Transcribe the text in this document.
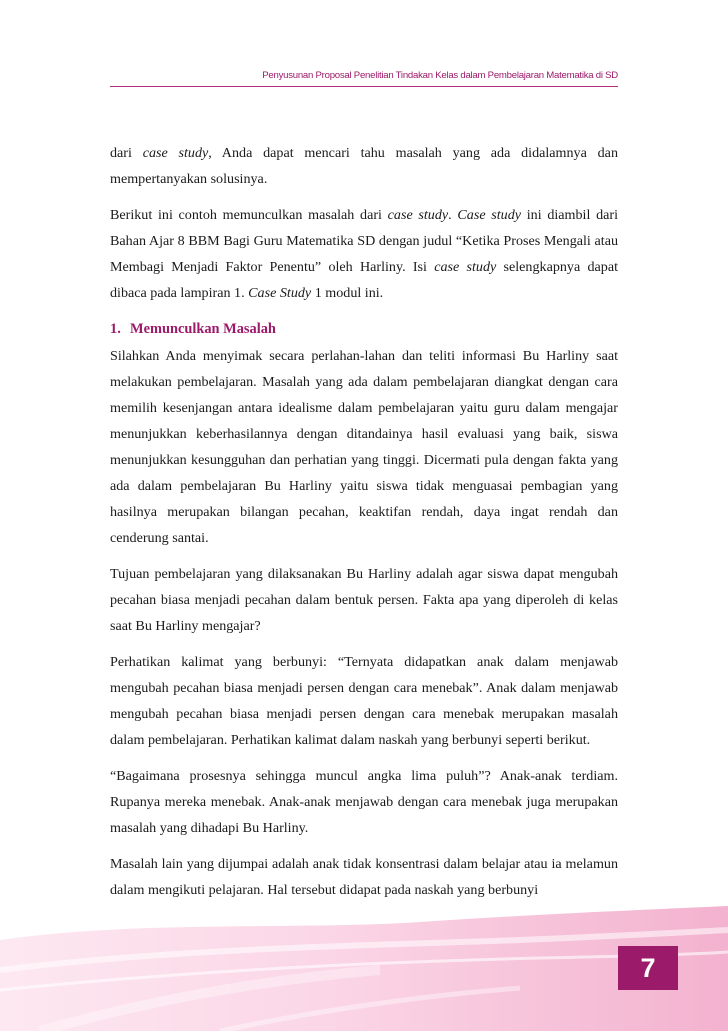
Penyusunan Proposal Penelitian Tindakan Kelas dalam Pembelajaran Matematika di SD

dari case study, Anda dapat mencari tahu masalah yang ada didalamnya dan mempertanyakan solusinya.

Berikut ini contoh memunculkan masalah dari case study. Case study ini diambil dari Bahan Ajar 8 BBM Bagi Guru Matematika SD dengan judul “Ketika Proses Mengali atau Membagi Menjadi Faktor Penentu” oleh Harliny. Isi case study selengkapnya dapat dibaca pada lampiran 1. Case Study 1 modul ini.

1. Memunculkan Masalah

Silahkan Anda menyimak secara perlahan-lahan dan teliti informasi Bu Harliny saat melakukan pembelajaran. Masalah yang ada dalam pembelajaran diangkat dengan cara memilih kesenjangan antara idealisme dalam pembelajaran yaitu guru dalam mengajar menunjukkan keberhasilannya dengan ditandainya hasil evaluasi yang baik, siswa menunjukkan kesungguhan dan perhatian yang tinggi. Dicermati pula dengan fakta yang ada dalam pembelajaran Bu Harliny yaitu siswa tidak menguasai pembagian yang hasilnya merupakan bilangan pecahan, keaktifan rendah, daya ingat rendah dan cenderung santai.

Tujuan pembelajaran yang dilaksanakan Bu Harliny adalah agar siswa dapat mengubah pecahan biasa menjadi pecahan dalam bentuk persen. Fakta apa yang diperoleh di kelas saat Bu Harliny mengajar?

Perhatikan kalimat yang berbunyi: “Ternyata didapatkan anak dalam menjawab mengubah pecahan biasa menjadi persen dengan cara menebak”. Anak dalam menjawab mengubah pecahan biasa menjadi persen dengan cara menebak merupakan masalah dalam pembelajaran. Perhatikan kalimat dalam naskah yang berbunyi seperti berikut.

“Bagaimana prosesnya sehingga muncul angka lima puluh”? Anak-anak terdiam. Rupanya mereka menebak. Anak-anak menjawab dengan cara menebak juga merupakan masalah yang dihadapi Bu Harliny.

Masalah lain yang dijumpai adalah anak tidak konsentrasi dalam belajar atau ia melamun dalam mengikuti pelajaran. Hal tersebut didapat pada naskah yang berbunyi

7
